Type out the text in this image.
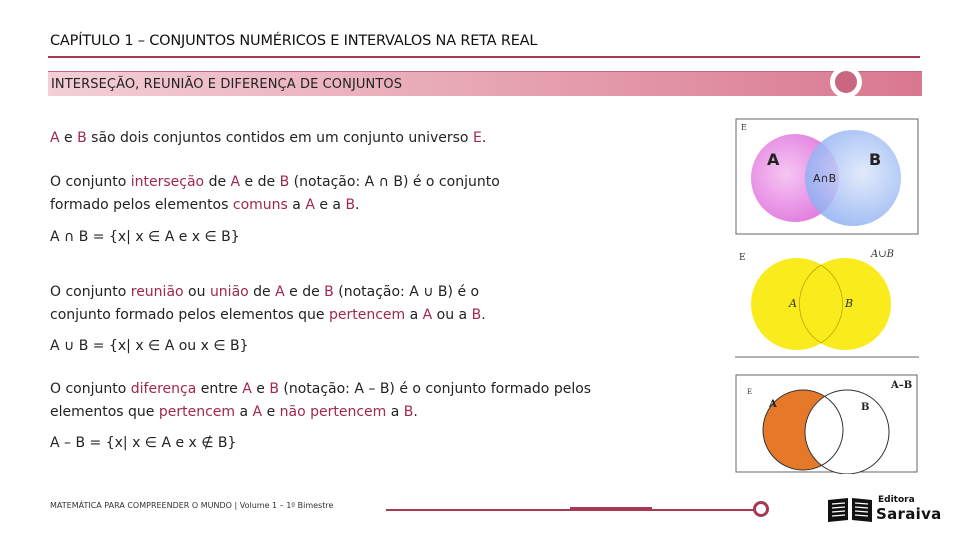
CAPÍTULO 1 – CONJUNTOS NUMÉRICOS E INTERVALOS NA RETA REAL
INTERSEÇÃO, REUNIÃO E DIFERENÇA DE CONJUNTOS
A e B são dois conjuntos contidos em um conjunto universo E.
O conjunto interseção de A e de B (notação: A ∩ B) é o conjunto
formado pelos elementos comuns a A e a B.
A ∩ B = {x| x ∈ A e x ∈ B}
O conjunto reunião ou união de A e de B (notação: A ∪ B) é o
conjunto formado pelos elementos que pertencem a A ou a B.
A ∪ B = {x| x ∈ A ou x ∈ B}
O conjunto diferença entre A e B (notação: A – B) é o conjunto formado pelos
elementos que pertencem a A e não pertencem a B.
A – B = {x| x ∈ A e x ∉ B}
E
A	B
A∩B
E	A∪B
A	B
E
A–B
A	B
MATEMÁTICA PARA COMPREENDER O MUNDO | Volume 1 – 1º Bimestre
Editora
Saraiva
